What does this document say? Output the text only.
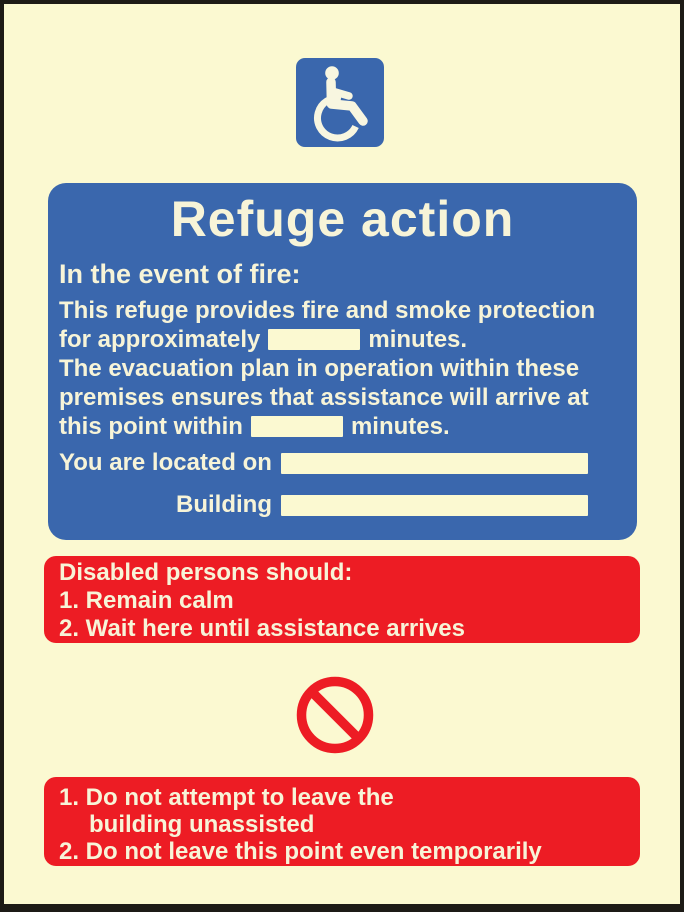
Refuge action
In the event of fire:
This refuge provides fire and smoke protection
for approximately	minutes.
The evacuation plan in operation within these
premises ensures that assistance will arrive at
this point within	minutes.
You are located on
Building
Disabled persons should:
1. Remain calm
2. Wait here until assistance arrives
1. Do not attempt to leave the
building unassisted
2. Do not leave this point even temporarily
